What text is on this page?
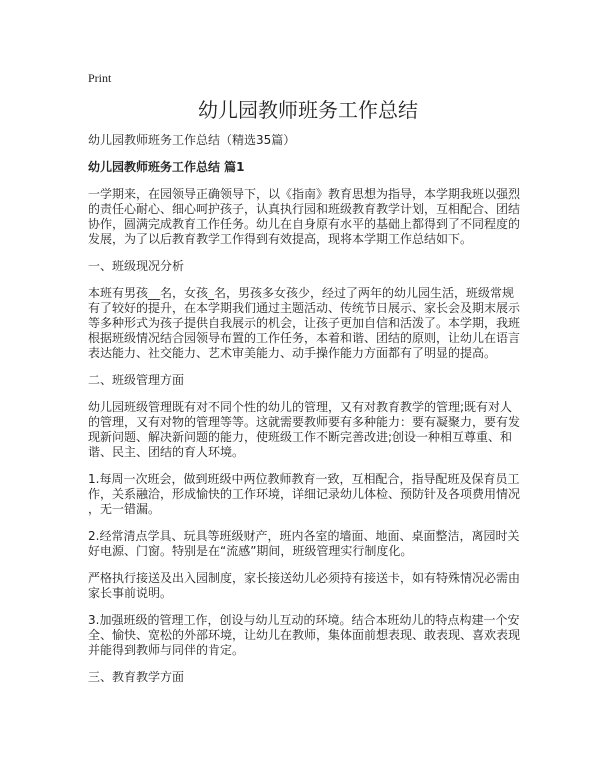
Print
幼儿园教师班务工作总结
幼儿园教师班务工作总结（精选35篇）
幼儿园教师班务工作总结 篇1
一学期来，在园领导正确领导下，以《指南》教育思想为指导，本学期我班以强烈
的责任心耐心、细心呵护孩子，认真执行园和班级教育教学计划，互相配合、团结
协作，圆满完成教育工作任务。幼儿在自身原有水平的基础上都得到了不同程度的
发展，为了以后教育教学工作得到有效提高，现将本学期工作总结如下。
一、班级现况分析
本班有男孩__名，女孩_名，男孩多女孩少，经过了两年的幼儿园生活，班级常规
有了较好的提升，在本学期我们通过主题活动、传统节日展示、家长会及期末展示
等多种形式为孩子提供自我展示的机会，让孩子更加自信和活泼了。本学期，我班
根据班级情况结合园领导布置的工作任务，本着和谐、团结的原则，让幼儿在语言
表达能力、社交能力、艺术审美能力、动手操作能力方面都有了明显的提高。
二、班级管理方面
幼儿园班级管理既有对不同个性的幼儿的管理，又有对教育教学的管理;既有对人
的管理，又有对物的管理等等。这就需要教师要有多种能力：要有凝聚力，要有发
现新问题、解决新问题的能力，使班级工作不断完善改进;创设一种相互尊重、和
谐、民主、团结的育人环境。
1.每周一次班会，做到班级中两位教师教育一致，互相配合，指导配班及保育员工
作，关系融洽，形成愉快的工作环境，详细记录幼儿体检、预防针及各项费用情况
，无一错漏。
2.经常清点学具、玩具等班级财产，班内各室的墙面、地面、桌面整洁，离园时关
好电源、门窗。特别是在“流感”期间，班级管理实行制度化。
严格执行接送及出入园制度，家长接送幼儿必须持有接送卡，如有特殊情况必需由
家长事前说明。
3.加强班级的管理工作，创设与幼儿互动的环境。结合本班幼儿的特点构建一个安
全、愉快、宽松的外部环境，让幼儿在教师，集体面前想表现、敢表现、喜欢表现
并能得到教师与同伴的肯定。
三、教育教学方面
